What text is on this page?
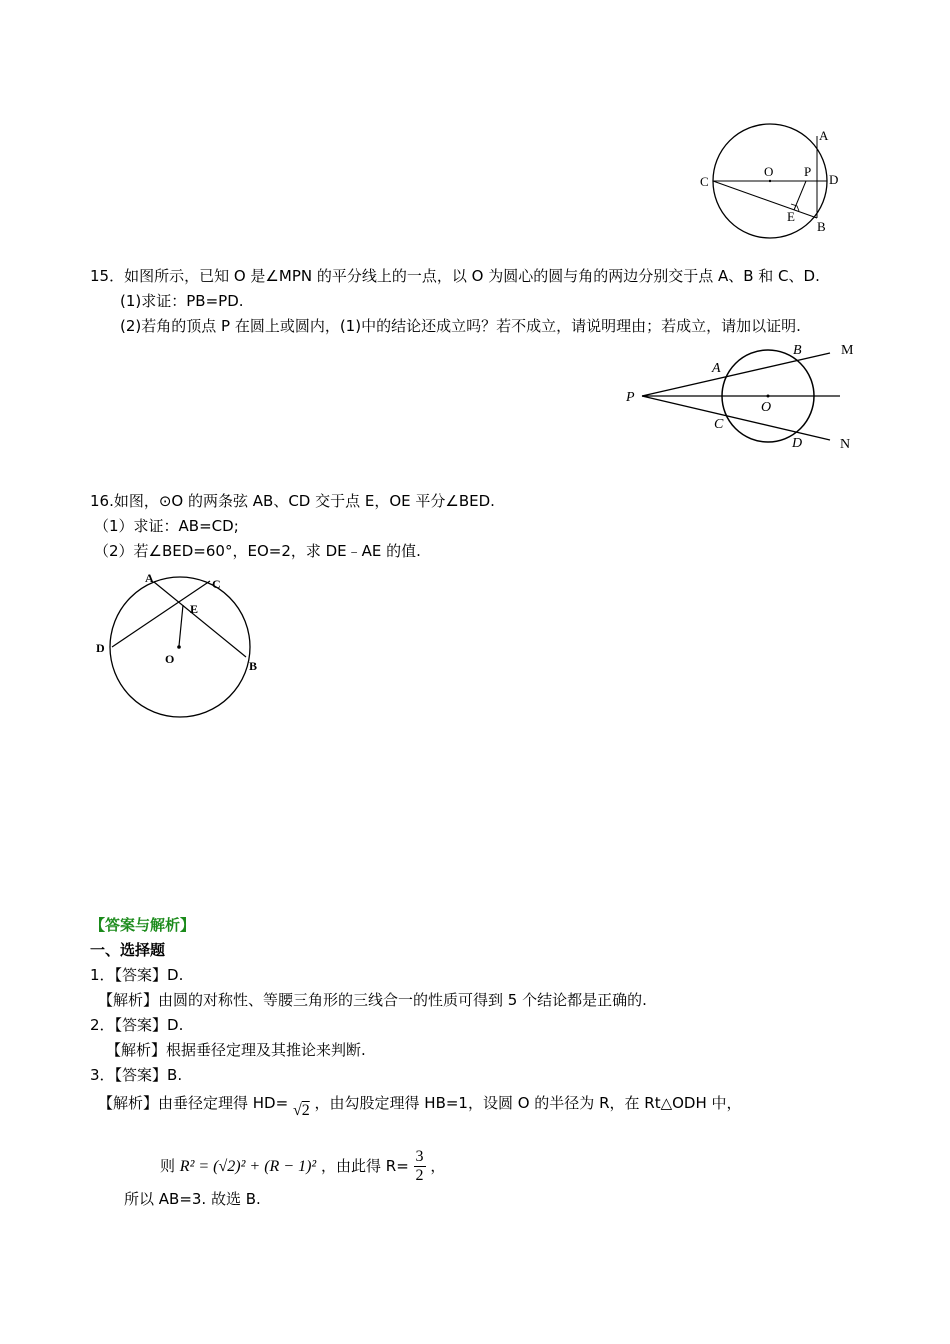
A
C
O P
D
E
B
15．如图所示，已知 O 是∠MPN 的平分线上的一点，以 O 为圆心的圆与角的两边分别交于点 A、B 和 C、D.
(1)求证：PB=PD.
(2)若角的顶点 P 在圆上或圆内，(1)中的结论还成立吗？若不成立，请说明理由；若成立，请加以证明.
P
A
B	M
O
C
D	N
16.如图，⊙O 的两条弦 AB、CD 交于点 E，OE 平分∠BED.
（1）求证：AB=CD;
（2）若∠BED=60°，EO=2，求 DE﹣AE 的值.
A	C
E
D
O	B
【答案与解析】
一、选择题
1．【答案】D.
【解析】由圆的对称性、等腰三角形的三线合一的性质可得到 5 个结论都是正确的.
2．【答案】D.
【解析】根据垂径定理及其推论来判断.
3．【答案】B.
【解析】由垂径定理得 HD= √2 ，由勾股定理得 HB=1，设圆 O 的半径为 R，在 Rt△ODH 中，
则 R² = (√2)² + (R − 1)² ，由此得 $R= \frac{3}{2}$ ，
所以 AB=3. 故选 B.
